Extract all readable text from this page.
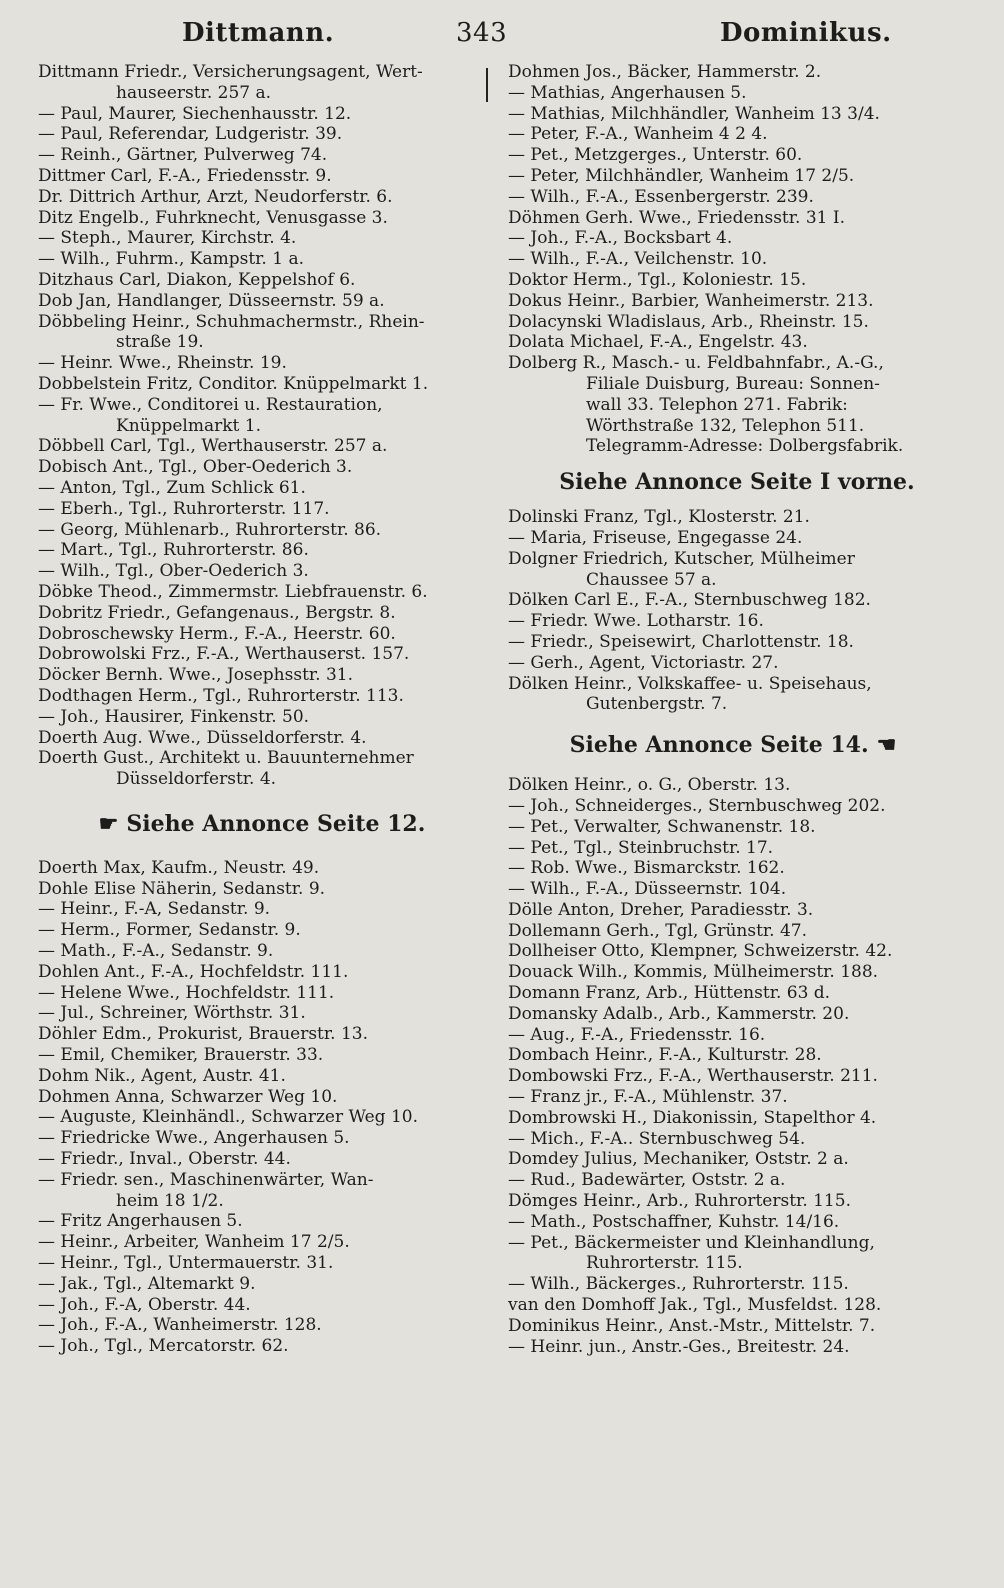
Dittmann.	343	Dominikus.
Dittmann Friedr., Versicherungsagent, Wert-
hauseerstr. 257 a.
— Paul, Maurer, Siechenhausstr. 12.
— Paul, Referendar, Ludgeristr. 39.
— Reinh., Gärtner, Pulverweg 74.
Dittmer Carl, F.-A., Friedensstr. 9.
Dr. Dittrich Arthur, Arzt, Neudorferstr. 6.
Ditz Engelb., Fuhrknecht, Venusgasse 3.
— Steph., Maurer, Kirchstr. 4.
— Wilh., Fuhrm., Kampstr. 1 a.
Ditzhaus Carl, Diakon, Keppelshof 6.
Dob Jan, Handlanger, Düsseernstr. 59 a.
Döbbeling Heinr., Schuhmachermstr., Rhein-
straße 19.
— Heinr. Wwe., Rheinstr. 19.
Dobbelstein Fritz, Conditor. Knüppelmarkt 1.
— Fr. Wwe., Conditorei u. Restauration,
Knüppelmarkt 1.
Döbbell Carl, Tgl., Werthauserstr. 257 a.
Dobisch Ant., Tgl., Ober-Oederich 3.
— Anton, Tgl., Zum Schlick 61.
— Eberh., Tgl., Ruhrorterstr. 117.
— Georg, Mühlenarb., Ruhrorterstr. 86.
— Mart., Tgl., Ruhrorterstr. 86.
— Wilh., Tgl., Ober-Oederich 3.
Döbke Theod., Zimmermstr. Liebfrauenstr. 6.
Dobritz Friedr., Gefangenaus., Bergstr. 8.
Dobroschewsky Herm., F.-A., Heerstr. 60.
Dobrowolski Frz., F.-A., Werthauserst. 157.
Döcker Bernh. Wwe., Josephsstr. 31.
Dodthagen Herm., Tgl., Ruhrorterstr. 113.
— Joh., Hausirer, Finkenstr. 50.
Doerth Aug. Wwe., Düsseldorferstr. 4.
Doerth Gust., Architekt u. Bauunternehmer
Düsseldorferstr. 4.
☛ Siehe Annonce Seite 12.
Doerth Max, Kaufm., Neustr. 49.
Dohle Elise Näherin, Sedanstr. 9.
— Heinr., F.-A, Sedanstr. 9.
— Herm., Former, Sedanstr. 9.
— Math., F.-A., Sedanstr. 9.
Dohlen Ant., F.-A., Hochfeldstr. 111.
— Helene Wwe., Hochfeldstr. 111.
— Jul., Schreiner, Wörthstr. 31.
Döhler Edm., Prokurist, Brauerstr. 13.
— Emil, Chemiker, Brauerstr. 33.
Dohm Nik., Agent, Austr. 41.
Dohmen Anna, Schwarzer Weg 10.
— Auguste, Kleinhändl., Schwarzer Weg 10.
— Friedricke Wwe., Angerhausen 5.
— Friedr., Inval., Oberstr. 44.
— Friedr. sen., Maschinenwärter, Wan-
heim 18 1/2.
— Fritz Angerhausen 5.
— Heinr., Arbeiter, Wanheim 17 2/5.
— Heinr., Tgl., Untermauerstr. 31.
— Jak., Tgl., Altemarkt 9.
— Joh., F.-A, Oberstr. 44.
— Joh., F.-A., Wanheimerstr. 128.
— Joh., Tgl., Mercatorstr. 62.
Dohmen Jos., Bäcker, Hammerstr. 2.
— Mathias, Angerhausen 5.
— Mathias, Milchhändler, Wanheim 13 3/4.
— Peter, F.-A., Wanheim 4 2 4.
— Pet., Metzgerges., Unterstr. 60.
— Peter, Milchhändler, Wanheim 17 2/5.
— Wilh., F.-A., Essenbergerstr. 239.
Döhmen Gerh. Wwe., Friedensstr. 31 I.
— Joh., F.-A., Bocksbart 4.
— Wilh., F.-A., Veilchenstr. 10.
Doktor Herm., Tgl., Koloniestr. 15.
Dokus Heinr., Barbier, Wanheimerstr. 213.
Dolacynski Wladislaus, Arb., Rheinstr. 15.
Dolata Michael, F.-A., Engelstr. 43.
Dolberg R., Masch.- u. Feldbahnfabr., A.-G.,
Filiale Duisburg, Bureau: Sonnen-
wall 33. Telephon 271. Fabrik:
Wörthstraße 132, Telephon 511.
Telegramm-Adresse: Dolbergsfabrik.
Siehe Annonce Seite I vorne.
Dolinski Franz, Tgl., Klosterstr. 21.
— Maria, Friseuse, Engegasse 24.
Dolgner Friedrich, Kutscher, Mülheimer
Chaussee 57 a.
Dölken Carl E., F.-A., Sternbuschweg 182.
— Friedr. Wwe. Lotharstr. 16.
— Friedr., Speisewirt, Charlottenstr. 18.
— Gerh., Agent, Victoriastr. 27.
Dölken Heinr., Volkskaffee- u. Speisehaus,
Gutenbergstr. 7.
Siehe Annonce Seite 14. ☚
Dölken Heinr., o. G., Oberstr. 13.
— Joh., Schneiderges., Sternbuschweg 202.
— Pet., Verwalter, Schwanenstr. 18.
— Pet., Tgl., Steinbruchstr. 17.
— Rob. Wwe., Bismarckstr. 162.
— Wilh., F.-A., Düsseernstr. 104.
Dölle Anton, Dreher, Paradiesstr. 3.
Dollemann Gerh., Tgl, Grünstr. 47.
Dollheiser Otto, Klempner, Schweizerstr. 42.
Douack Wilh., Kommis, Mülheimerstr. 188.
Domann Franz, Arb., Hüttenstr. 63 d.
Domansky Adalb., Arb., Kammerstr. 20.
— Aug., F.-A., Friedensstr. 16.
Dombach Heinr., F.-A., Kulturstr. 28.
Dombowski Frz., F.-A., Werthauserstr. 211.
— Franz jr., F.-A., Mühlenstr. 37.
Dombrowski H., Diakonissin, Stapelthor 4.
— Mich., F.-A.. Sternbuschweg 54.
Domdey Julius, Mechaniker, Oststr. 2 a.
— Rud., Badewärter, Oststr. 2 a.
Dömges Heinr., Arb., Ruhrorterstr. 115.
— Math., Postschaffner, Kuhstr. 14/16.
— Pet., Bäckermeister und Kleinhandlung,
Ruhrorterstr. 115.
— Wilh., Bäckerges., Ruhrorterstr. 115.
van den Domhoff Jak., Tgl., Musfeldst. 128.
Dominikus Heinr., Anst.-Mstr., Mittelstr. 7.
— Heinr. jun., Anstr.-Ges., Breitestr. 24.
